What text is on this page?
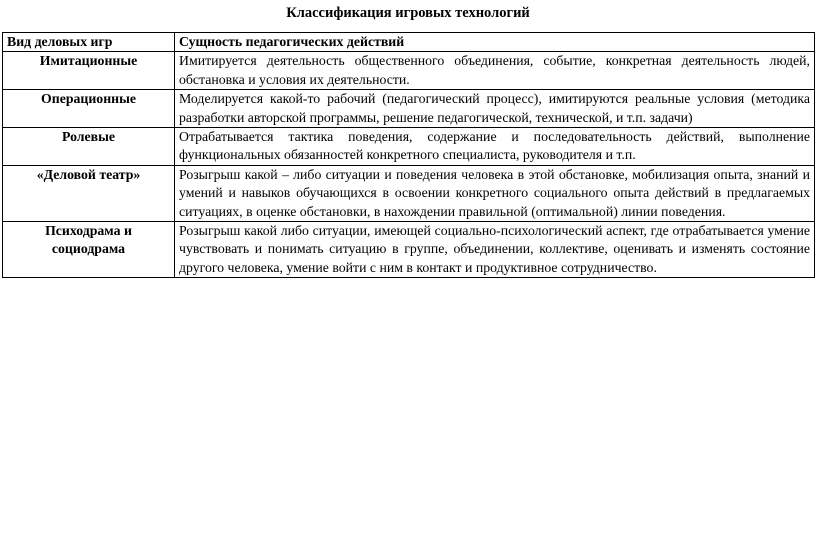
Классификация игровых технологий
Вид деловых игр	Сущность педагогических действий
Имитационные	Имитируется деятельность общественного объединения, событие, конкретная деятельность людей, обстановка и условия их деятельности.
Операционные	Моделируется какой-то рабочий (педагогический процесс), имитируются реальные условия (методика разработки авторской программы, решение педагогической, технической, и т.п. задачи)
Ролевые	Отрабатывается тактика поведения, содержание и последовательность действий, выполнение функциональных обязанностей конкретного специалиста, руководителя и т.п.
«Деловой театр»	Розыгрыш какой – либо ситуации и поведения человека в этой обстановке, мобилизация опыта, знаний и умений и навыков обучающихся в освоении конкретного социального опыта действий в предлагаемых ситуациях, в оценке обстановки, в нахождении правильной (оптимальной) линии поведения.
Психодрама и социодрама	Розыгрыш какой либо ситуации, имеющей социально-психологический аспект, где отрабатывается умение чувствовать и понимать ситуацию в группе, объединении, коллективе, оценивать и изменять состояние другого человека, умение войти с ним в контакт и продуктивное сотрудничество.
